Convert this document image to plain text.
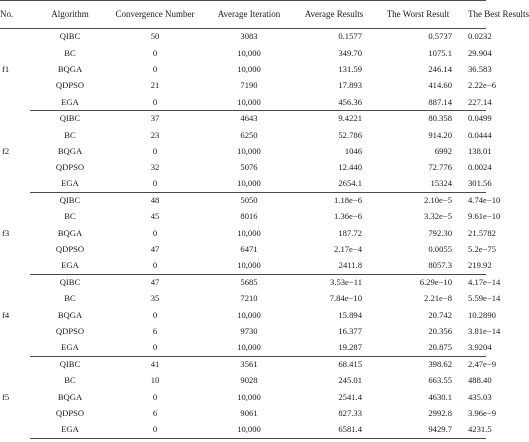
No.	Algorithm	Convergence Number	Average Iteration	Average Results	The Worst Result	The Best Results
f1	QIBC	50	3083	0.1577	0.5737	0.0232
	BC	0	10,000	349.70	1075.1	29.904
	BQGA	0	10,000	131.59	246.14	36.583
	QDPSO	21	7190	17.893	414.60	2.22e−6
	EGA	0	10,000	456.36	887.14	227.14
f2	QIBC	37	4643	9.4221	80.358	0.0499
	BC	23	6250	52.786	914.20	0.0444
	BQGA	0	10,000	1046	6992	138.01
	QDPSO	32	5076	12.440	72.776	0.0024
	EGA	0	10,000	2654.1	15324	301.56
f3	QIBC	48	5050	1.18e−6	2.10e−5	4.74e−10
	BC	45	8016	1.36e−6	3.32e−5	9.61e−10
	BQGA	0	10,000	187.72	792.30	21.5782
	QDPSO	47	6471	2.17e−4	0.0055	5.2e−75
	EGA	0	10,000	2411.8	8057.3	219.92
f4	QIBC	47	5685	3.53e−11	6.29e−10	4.17e−14
	BC	35	7210	7.84e−10	2.21e−8	5.59e−14
	BQGA	0	10,000	15.894	20.742	10.2890
	QDPSO	6	9730	16.377	20.356	3.81e−14
	EGA	0	10,000	19.287	20.875	3.9204
f5	QIBC	41	3561	68.415	398.62	2.47e−9
	BC	10	9028	245.01	663.55	488.40
	BQGA	0	10,000	2541.4	4630.1	435.03
	QDPSO	6	9061	827.33	2992.8	3.96e−9
	EGA	0	10,000	6581.4	9429.7	4231.5
